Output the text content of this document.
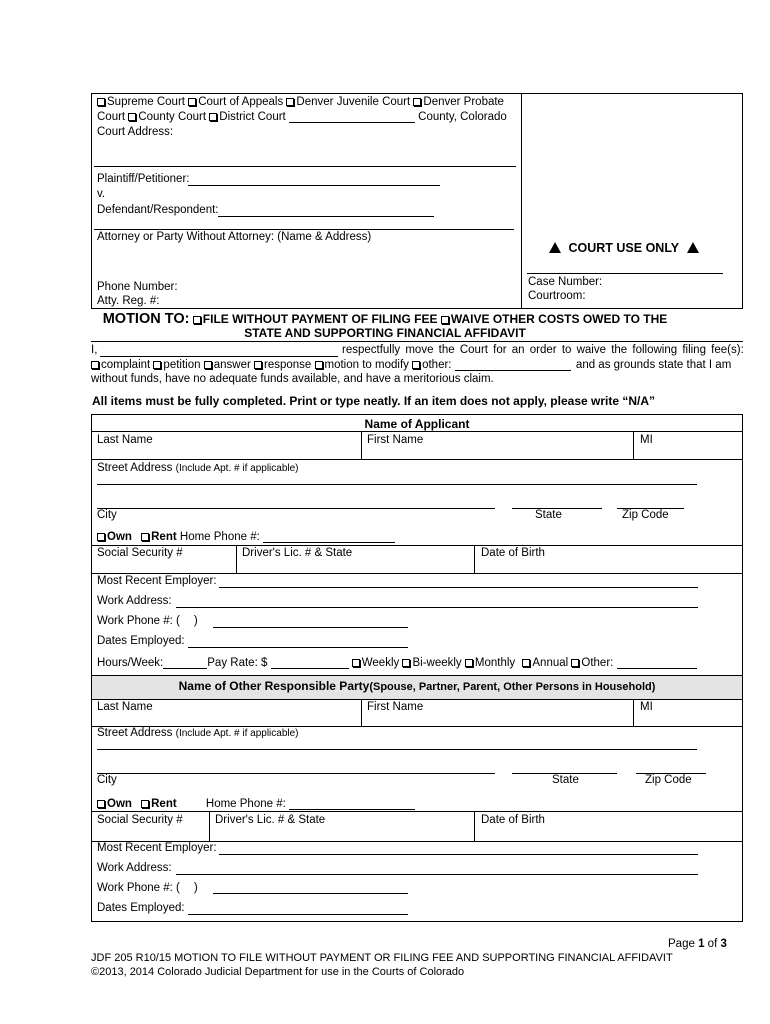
Supreme Court Court of Appeals Denver Juvenile Court Denver Probate
Court County Court District Court	County, Colorado
Court Address:
Plaintiff/Petitioner:
v.
Defendant/Respondent:
Attorney or Party Without Attorney: (Name & Address)
Phone Number:
Atty. Reg. #:
COURT USE ONLY
Case Number:
Courtroom:
MOTION TO: FILE WITHOUT PAYMENT OF FILING FEE WAIVE OTHER COSTS OWED TO THE
STATE AND SUPPORTING FINANCIAL AFFIDAVIT
I,	respectfully move the Court for an order to waive the following filing fee(s):
complaint petition answer response motion to modify other:	and as grounds state that I am
without funds, have no adequate funds available, and have a meritorious claim.
All items must be fully completed. Print or type neatly. If an item does not apply, please write “N/A”
Name of Applicant
Last Name	First Name	MI
Street Address (Include Apt. # if applicable)
City	State	Zip Code
Own Rent Home Phone #:
Social Security #	Driver's Lic. # & State	Date of Birth
Most Recent Employer:
Work Address:
Work Phone #: ( )
Dates Employed:
Hours/Week:	Pay Rate: $	Weekly Bi-weekly Monthly Annual Other:
Name of Other Responsible Party(Spouse, Partner, Parent, Other Persons in Household)
Last Name	First Name	MI
Street Address (Include Apt. # if applicable)
City	State	Zip Code
Own Rent	Home Phone #:
Social Security #	Driver's Lic. # & State	Date of Birth
Most Recent Employer:
Work Address:
Work Phone #: ( )
Dates Employed:
Page 1 of 3
JDF 205 R10/15 MOTION TO FILE WITHOUT PAYMENT OR FILING FEE AND SUPPORTING FINANCIAL AFFIDAVIT
©2013, 2014 Colorado Judicial Department for use in the Courts of Colorado
